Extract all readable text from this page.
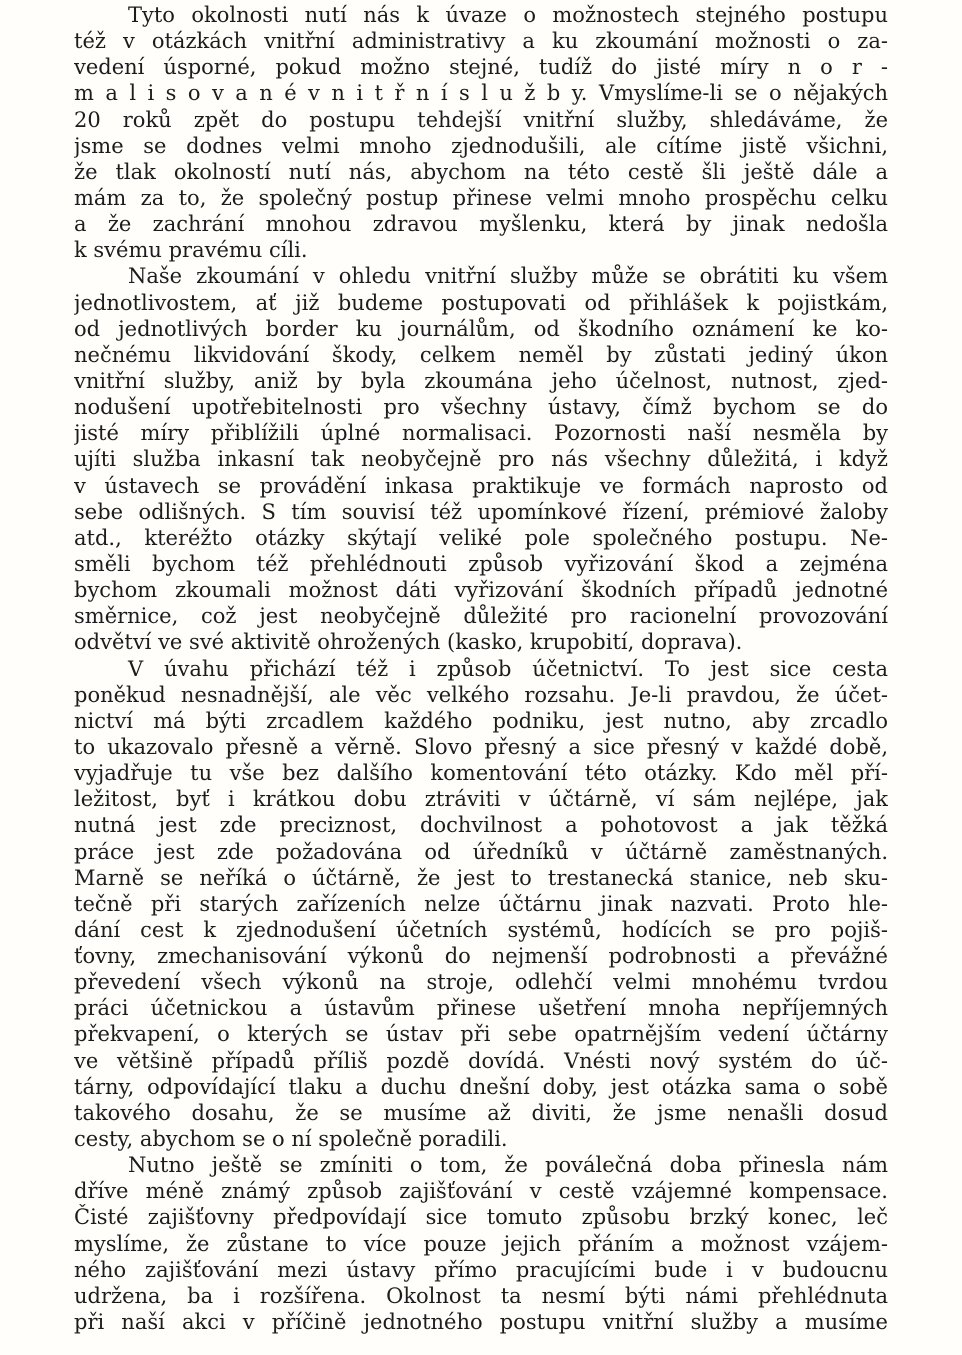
Tyto okolnosti nutí nás k úvaze o možnostech stejného postupu
též v otázkách vnitřní administrativy a ku zkoumání možnosti o za-
vedení úsporné, pokud možno stejné, tudíž do jisté míry n o r -
m a l i s o v a n é v n i t ř n í s l u ž b y. Vmyslíme-li se o nějakých
20 roků zpět do postupu tehdejší vnitřní služby, shledáváme, že
jsme se dodnes velmi mnoho zjednodušili, ale cítíme jistě všichni,
že tlak okolností nutí nás, abychom na této cestě šli ještě dále a
mám za to, že společný postup přinese velmi mnoho prospěchu celku
a že zachrání mnohou zdravou myšlenku, která by jinak nedošla
k svému pravému cíli.
Naše zkoumání v ohledu vnitřní služby může se obrátiti ku všem
jednotlivostem, ať již budeme postupovati od přihlášek k pojistkám,
od jednotlivých border ku journálům, od škodního oznámení ke ko-
nečnému likvidování škody, celkem neměl by zůstati jediný úkon
vnitřní služby, aniž by byla zkoumána jeho účelnost, nutnost, zjed-
nodušení upotřebitelnosti pro všechny ústavy, čímž bychom se do
jisté míry přiblížili úplné normalisaci. Pozornosti naší nesměla by
ujíti služba inkasní tak neobyčejně pro nás všechny důležitá, i když
v ústavech se provádění inkasa praktikuje ve formách naprosto od
sebe odlišných. S tím souvisí též upomínkové řízení, prémiové žaloby
atd., kteréžto otázky skýtají veliké pole společného postupu. Ne-
směli bychom též přehlédnouti způsob vyřizování škod a zejména
bychom zkoumali možnost dáti vyřizování škodních případů jednotné
směrnice, což jest neobyčejně důležité pro racionelní provozování
odvětví ve své aktivitě ohrožených (kasko, krupobití, doprava).
V úvahu přichází též i způsob účetnictví. To jest sice cesta
poněkud nesnadnější, ale věc velkého rozsahu. Je-li pravdou, že účet-
nictví má býti zrcadlem každého podniku, jest nutno, aby zrcadlo
to ukazovalo přesně a věrně. Slovo přesný a sice přesný v každé době,
vyjadřuje tu vše bez dalšího komentování této otázky. Kdo měl pří-
ležitost, byť i krátkou dobu ztráviti v účtárně, ví sám nejlépe, jak
nutná jest zde preciznost, dochvilnost a pohotovost a jak těžká
práce jest zde požadována od úředníků v účtárně zaměstnaných.
Marně se neříká o účtárně, že jest to trestanecká stanice, neb sku-
tečně při starých zařízeních nelze účtárnu jinak nazvati. Proto hle-
dání cest k zjednodušení účetních systémů, hodících se pro pojiš-
ťovny, zmechanisování výkonů do nejmenší podrobnosti a převážné
převedení všech výkonů na stroje, odlehčí velmi mnohému tvrdou
práci účetnickou a ústavům přinese ušetření mnoha nepříjemných
překvapení, o kterých se ústav při sebe opatrnějším vedení účtárny
ve většině případů příliš pozdě dovídá. Vnésti nový systém do úč-
tárny, odpovídající tlaku a duchu dnešní doby, jest otázka sama o sobě
takového dosahu, že se musíme až diviti, že jsme nenašli dosud
cesty, abychom se o ní společně poradili.
Nutno ještě se zmíniti o tom, že poválečná doba přinesla nám
dříve méně známý způsob zajišťování v cestě vzájemné kompensace.
Čisté zajišťovny předpovídají sice tomuto způsobu brzký konec, leč
myslíme, že zůstane to více pouze jejich přáním a možnost vzájem-
ného zajišťování mezi ústavy přímo pracujícími bude i v budoucnu
udržena, ba i rozšířena. Okolnost ta nesmí býti námi přehlédnuta
při naší akci v příčině jednotného postupu vnitřní služby a musíme
